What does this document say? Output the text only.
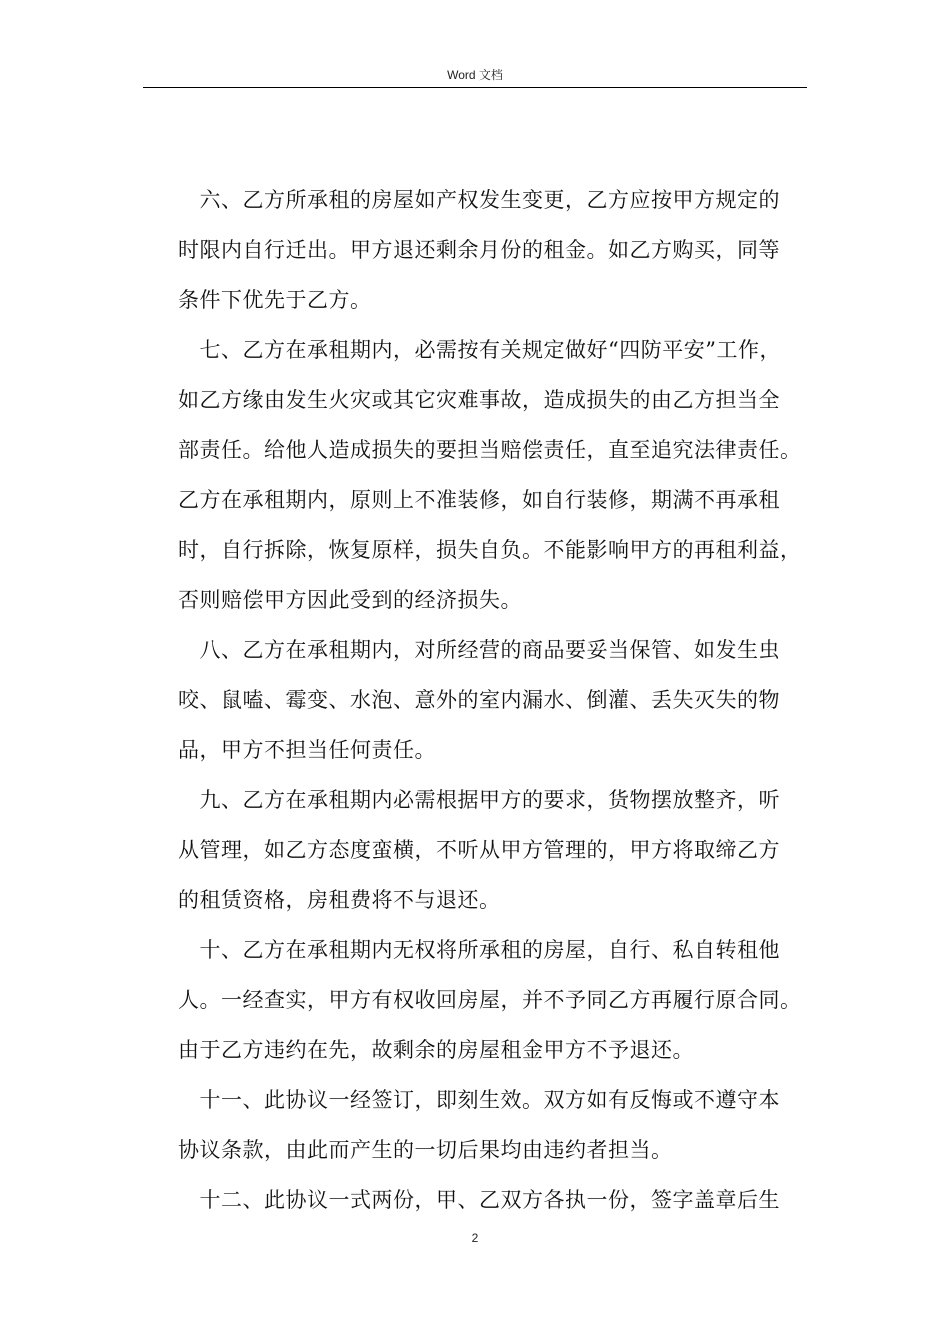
Word 文档
　六、乙方所承租的房屋如产权发生变更，乙方应按甲方规定的
时限内自行迁出。甲方退还剩余月份的租金。如乙方购买，同等
条件下优先于乙方。
　七、乙方在承租期内，必需按有关规定做好“四防平安”工作，
如乙方缘由发生火灾或其它灾难事故，造成损失的由乙方担当全
部责任。给他人造成损失的要担当赔偿责任，直至追究法律责任。
乙方在承租期内，原则上不准装修，如自行装修，期满不再承租
时，自行拆除，恢复原样，损失自负。不能影响甲方的再租利益，
否则赔偿甲方因此受到的经济损失。
　八、乙方在承租期内，对所经营的商品要妥当保管、如发生虫
咬、鼠嗑、霉变、水泡、意外的室内漏水、倒灌、丢失灭失的物
品，甲方不担当任何责任。
　九、乙方在承租期内必需根据甲方的要求，货物摆放整齐，听
从管理，如乙方态度蛮横，不听从甲方管理的，甲方将取缔乙方
的租赁资格，房租费将不与退还。
　十、乙方在承租期内无权将所承租的房屋，自行、私自转租他
人。一经查实，甲方有权收回房屋，并不予同乙方再履行原合同。
由于乙方违约在先，故剩余的房屋租金甲方不予退还。
　十一、此协议一经签订，即刻生效。双方如有反悔或不遵守本
协议条款，由此而产生的一切后果均由违约者担当。
　十二、此协议一式两份，甲、乙双方各执一份，签字盖章后生
2
